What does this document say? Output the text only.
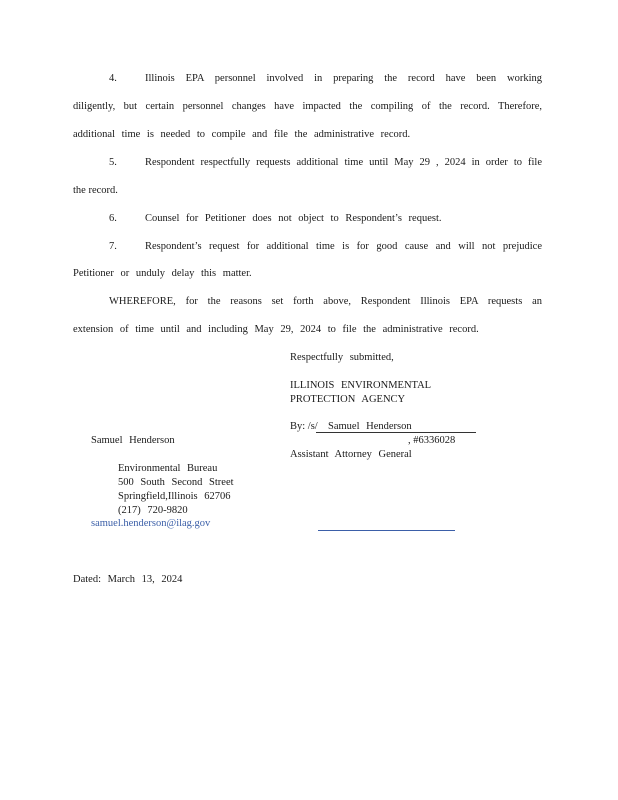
4.	Illinois EPA personnel involved in preparing the record have been working
diligently, but certain personnel changes have impacted the compiling of the record. Therefore,
additional time is needed to compile and file the administrative record.
5.	Respondent respectfully requests additional time until May 29 , 2024 in order to file
the record.
6.	Counsel for Petitioner does not object to Respondent’s request.
7.	Respondent’s request for additional time is for good cause and will not prejudice
Petitioner or unduly delay this matter.
WHEREFORE, for the reasons set forth above, Respondent Illinois EPA requests an
extension of time until and including May 29, 2024 to file the administrative record.
Respectfully submitted,
ILLINOIS ENVIRONMENTAL
PROTECTION AGENCY
By: /s/ Samuel Henderson
, #6336028
Assistant Attorney General
Samuel Henderson
Environmental Bureau
500 South Second Street
Springfield,Illinois 62706
(217) 720-9820
samuel.henderson@ilag.gov
Dated: March 13, 2024
